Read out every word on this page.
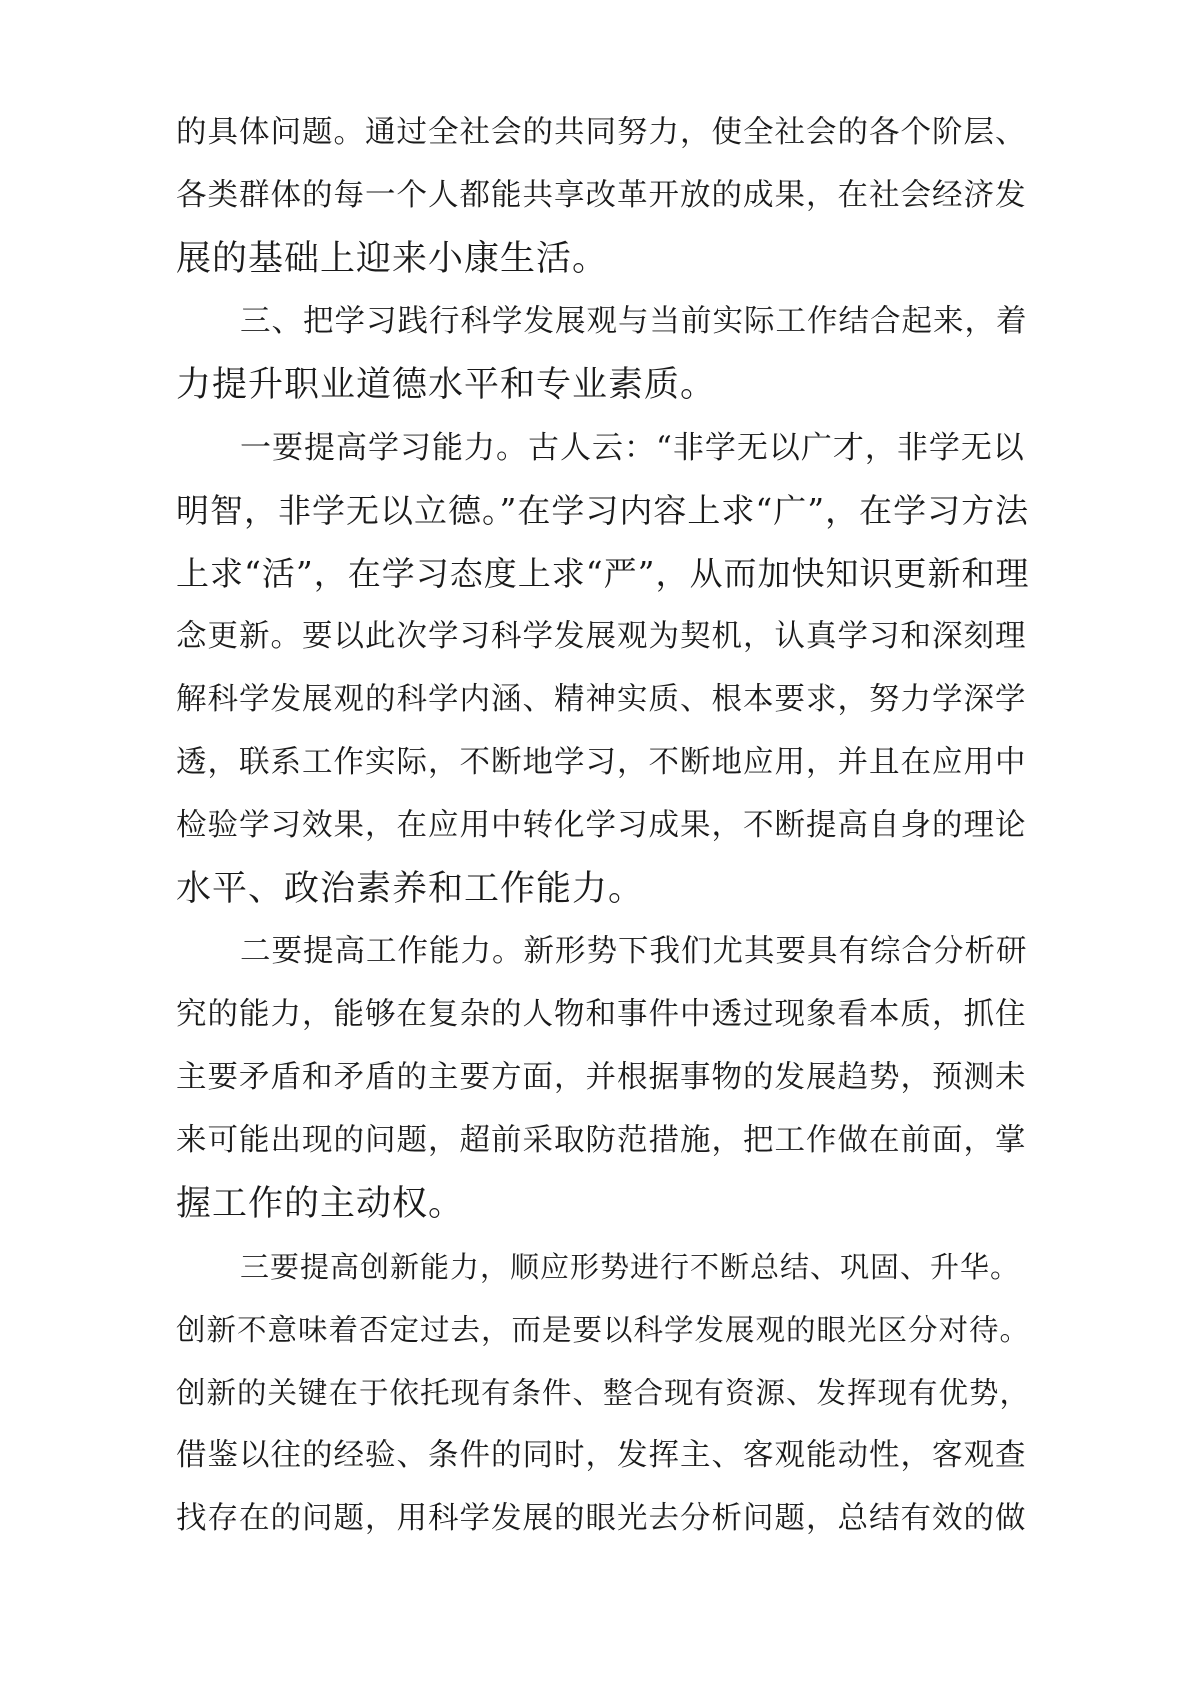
的具体问题。通过全社会的共同努力，使全社会的各个阶层、
各类群体的每一个人都能共享改革开放的成果，在社会经济发
展的基础上迎来小康生活。
三、把学习践行科学发展观与当前实际工作结合起来，着
力提升职业道德水平和专业素质。
一要提高学习能力。古人云：“非学无以广才，非学无以
明智，非学无以立德。”在学习内容上求“广”，在学习方法
上求“活”，在学习态度上求“严”，从而加快知识更新和理
念更新。要以此次学习科学发展观为契机，认真学习和深刻理
解科学发展观的科学内涵、精神实质、根本要求，努力学深学
透，联系工作实际，不断地学习，不断地应用，并且在应用中
检验学习效果，在应用中转化学习成果，不断提高自身的理论
水平、政治素养和工作能力。
二要提高工作能力。新形势下我们尤其要具有综合分析研
究的能力，能够在复杂的人物和事件中透过现象看本质，抓住
主要矛盾和矛盾的主要方面，并根据事物的发展趋势，预测未
来可能出现的问题，超前采取防范措施，把工作做在前面，掌
握工作的主动权。
三要提高创新能力，顺应形势进行不断总结、巩固、升华。
创新不意味着否定过去，而是要以科学发展观的眼光区分对待。
创新的关键在于依托现有条件、整合现有资源、发挥现有优势，
借鉴以往的经验、条件的同时，发挥主、客观能动性，客观查
找存在的问题，用科学发展的眼光去分析问题，总结有效的做
